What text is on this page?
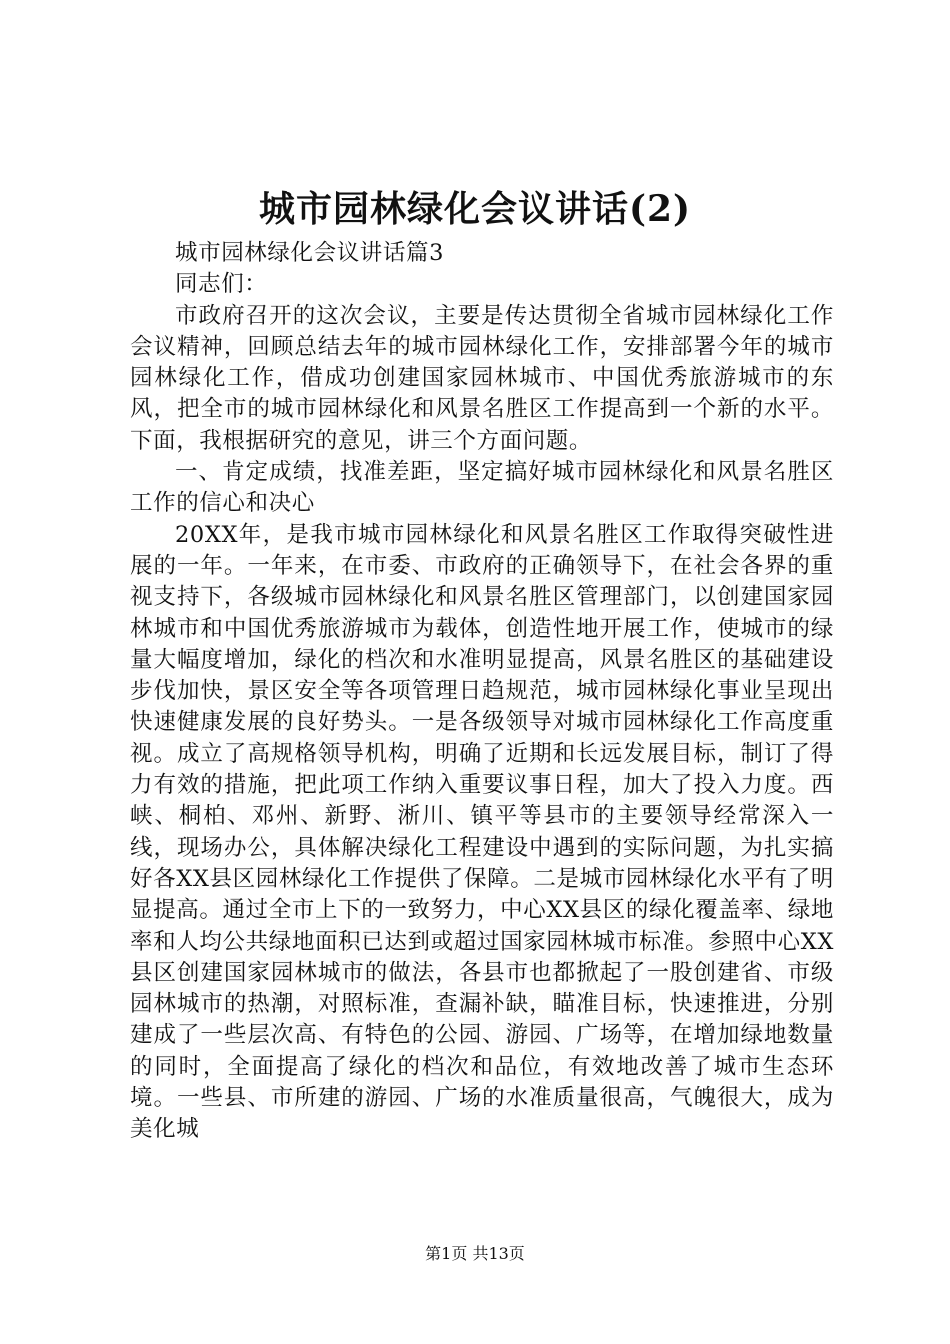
城市园林绿化会议讲话(2)

城市园林绿化会议讲话篇3

同志们：

市政府召开的这次会议，主要是传达贯彻全省城市园林绿化工作会议精神，回顾总结去年的城市园林绿化工作，安排部署今年的城市园林绿化工作，借成功创建国家园林城市、中国优秀旅游城市的东风，把全市的城市园林绿化和风景名胜区工作提高到一个新的水平。下面，我根据研究的意见，讲三个方面问题。

一、肯定成绩，找准差距，坚定搞好城市园林绿化和风景名胜区工作的信心和决心

20XX年，是我市城市园林绿化和风景名胜区工作取得突破性进展的一年。一年来，在市委、市政府的正确领导下，在社会各界的重视支持下，各级城市园林绿化和风景名胜区管理部门，以创建国家园林城市和中国优秀旅游城市为载体，创造性地开展工作，使城市的绿量大幅度增加，绿化的档次和水准明显提高，风景名胜区的基础建设步伐加快，景区安全等各项管理日趋规范，城市园林绿化事业呈现出快速健康发展的良好势头。一是各级领导对城市园林绿化工作高度重视。成立了高规格领导机构，明确了近期和长远发展目标，制订了得力有效的措施，把此项工作纳入重要议事日程，加大了投入力度。西峡、桐柏、邓州、新野、淅川、镇平等县市的主要领导经常深入一线，现场办公，具体解决绿化工程建设中遇到的实际问题，为扎实搞好各XX县区园林绿化工作提供了保障。二是城市园林绿化水平有了明显提高。通过全市上下的一致努力，中心XX县区的绿化覆盖率、绿地率和人均公共绿地面积已达到或超过国家园林城市标准。参照中心XX县区创建国家园林城市的做法，各县市也都掀起了一股创建省、市级园林城市的热潮，对照标准，查漏补缺，瞄准目标，快速推进，分别建成了一些层次高、有特色的公园、游园、广场等，在增加绿地数量的同时，全面提高了绿化的档次和品位，有效地改善了城市生态环境。一些县、市所建的游园、广场的水准质量很高，气魄很大，成为美化城

第1页 共13页
